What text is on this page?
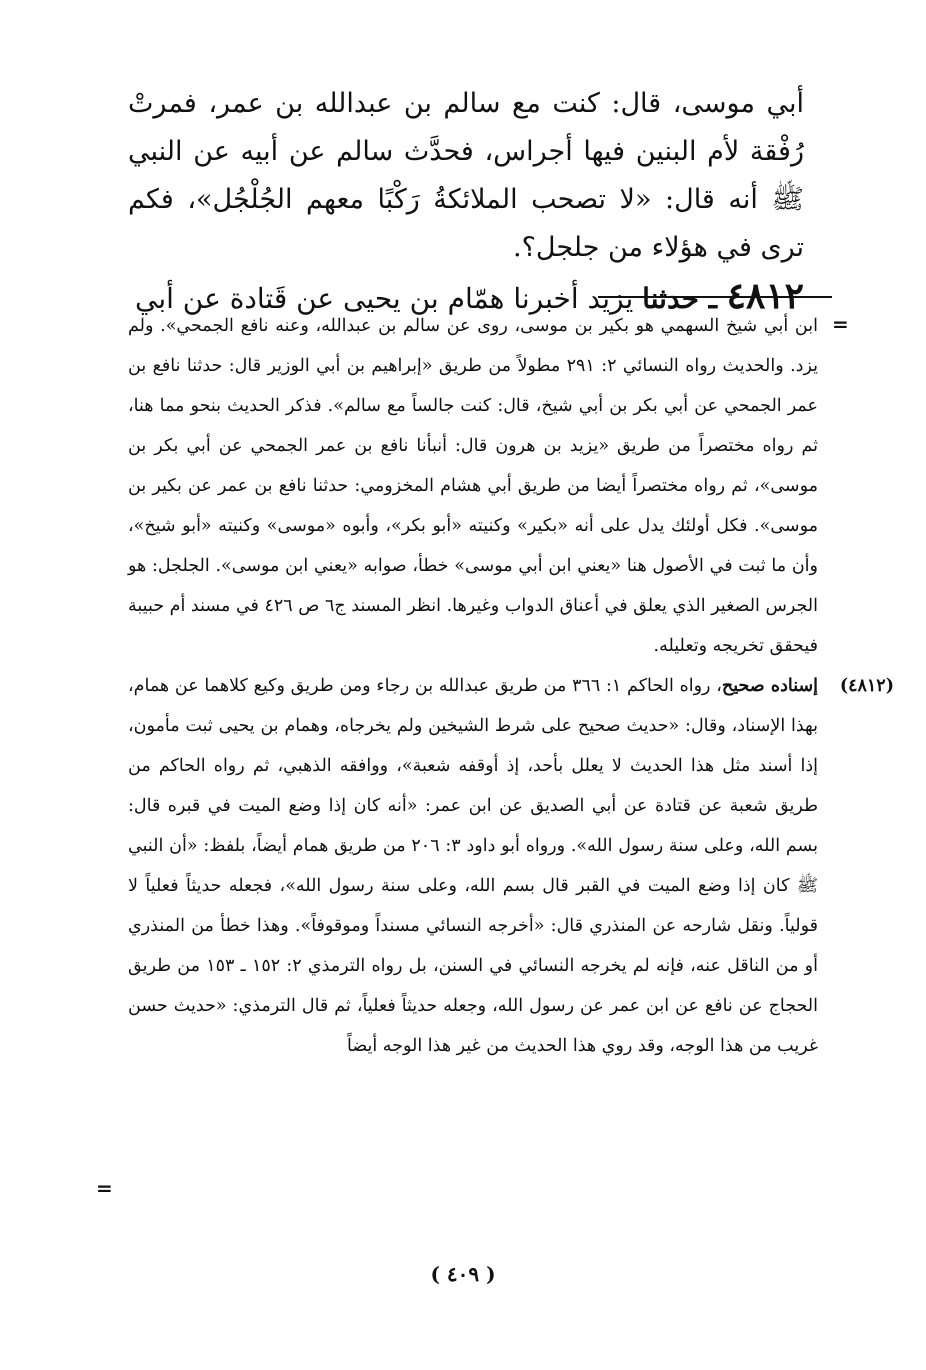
أبي موسى، قال: كنت مع سالم بن عبدالله بن عمر، فمرتْ رُفْقة لأم البنين فيها أجراس، فحدَّث سالم عن أبيه عن النبي ﷺ أنه قال: «لا تصحب الملائكةُ رَكْبًا معهم الجُلْجُل»، فكم ترى في هؤلاء من جلجل؟.

٤٨١٢ ـ حدثنا يزيد أخبرنا همّام بن يحيى عن قَتادة عن أبي

=

ابن أبي شيخ السهمي هو بكير بن موسى، روى عن سالم بن عبدالله، وعنه نافع الجمحي». ولم يزد. والحديث رواه النسائي ٢: ٢٩١ مطولاً من طريق «إبراهيم بن أبي الوزير قال: حدثنا نافع بن عمر الجمحي عن أبي بكر بن أبي شيخ، قال: كنت جالساً مع سالم». فذكر الحديث بنحو مما هنا، ثم رواه مختصراً من طريق «يزيد بن هرون قال: أنبأنا نافع بن عمر الجمحي عن أبي بكر بن موسى»، ثم رواه مختصراً أيضا من طريق أبي هشام المخزومي: حدثنا نافع بن عمر عن بكير بن موسى». فكل أولئك يدل على أنه «بكير» وكنيته «أبو بكر»، وأبوه «موسى» وكنيته «أبو شيخ»، وأن ما ثبت في الأصول هنا «يعني ابن أبي موسى» خطأ، صوابه «يعني ابن موسى». الجلجل: هو الجرس الصغير الذي يعلق في أعناق الدواب وغيرها. انظر المسند ج٦ ص ٤٢٦ في مسند أم حبيبة فيحقق تخريجه وتعليله.

(٤٨١٢)
إسناده صحيح، رواه الحاكم ١: ٣٦٦ من طريق عبدالله بن رجاء ومن طريق وكيع كلاهما عن همام، بهذا الإسناد، وقال: «حديث صحيح على شرط الشيخين ولم يخرجاه، وهمام بن يحيى ثبت مأمون، إذا أسند مثل هذا الحديث لا يعلل بأحد، إذ أوقفه شعبة»، ووافقه الذهبي، ثم رواه الحاكم من طريق شعبة عن قتادة عن أبي الصديق عن ابن عمر: «أنه كان إذا وضع الميت في قبره قال: بسم الله، وعلى سنة رسول الله». ورواه أبو داود ٣: ٢٠٦ من طريق همام أيضاً، بلفظ: «أن النبي ﷺ كان إذا وضع الميت في القبر قال بسم الله، وعلى سنة رسول الله»، فجعله حديثاً فعلياً لا قولياً. ونقل شارحه عن المنذري قال: «أخرجه النسائي مسنداً وموقوفاً». وهذا خطأ من المنذري أو من الناقل عنه، فإنه لم يخرجه النسائي في السنن، بل رواه الترمذي ٢: ١٥٢ ـ ١٥٣ من طريق الحجاج عن نافع عن ابن عمر عن رسول الله، وجعله حديثاً فعلياً، ثم قال الترمذي: «حديث حسن غريب من هذا الوجه، وقد روي هذا الحديث من غير هذا الوجه أيضاً

=
( ٤٠٩ )
